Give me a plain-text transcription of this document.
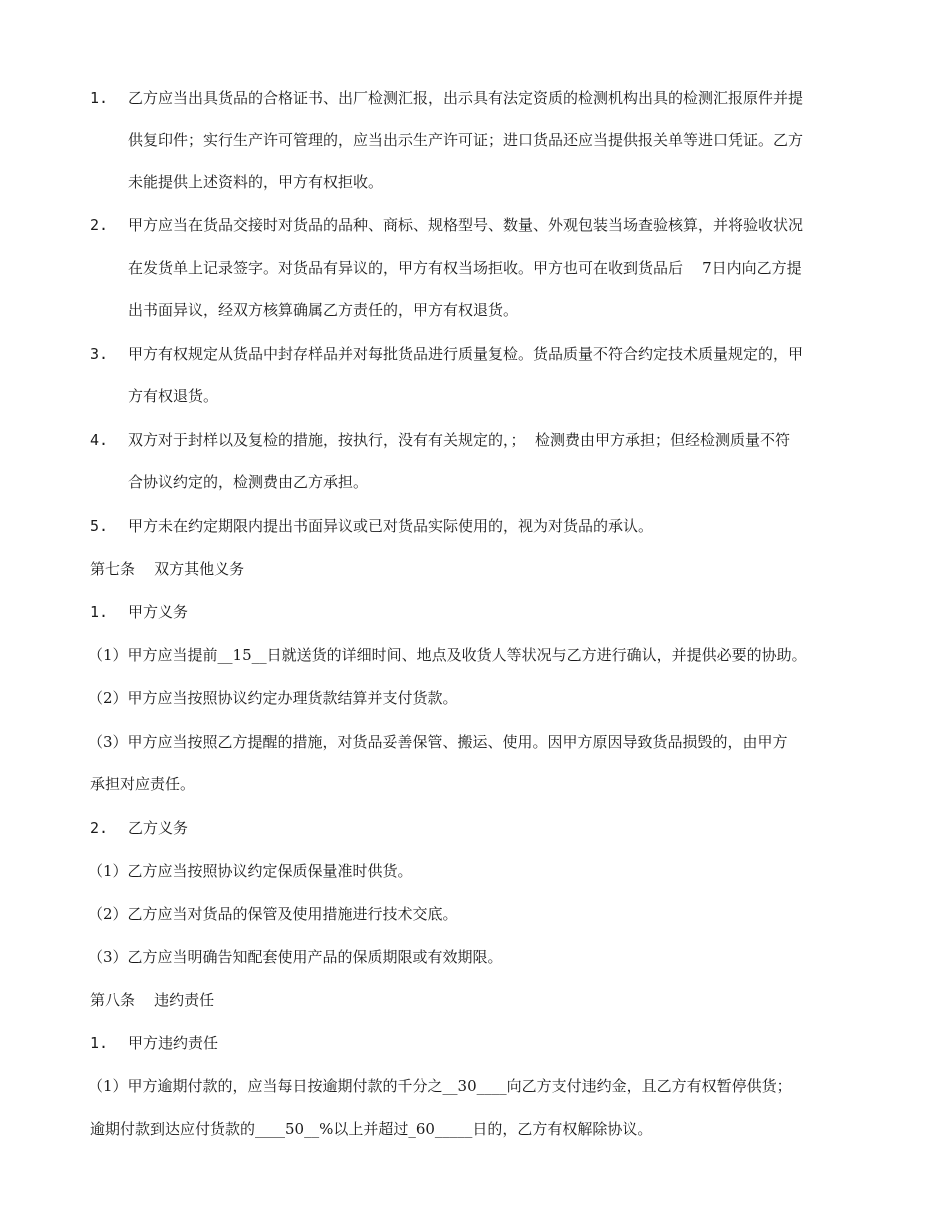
1.

乙方应当出具货品的合格证书、出厂检测汇报，出示具有法定资质的检测机构出具的检测汇报原件并提

供复印件；实行生产许可管理的，应当出示生产许可证；进口货品还应当提供报关单等进口凭证。乙方

未能提供上述资料的，甲方有权拒收。

2.

甲方应当在货品交接时对货品的品种、商标、规格型号、数量、外观包装当场查验核算，并将验收状况

在发货单上记录签字。对货品有异议的，甲方有权当场拒收。甲方也可在收到货品后    7日内向乙方提

出书面异议，经双方核算确属乙方责任的，甲方有权退货。

3.

甲方有权规定从货品中封存样品并对每批货品进行质量复检。货品质量不符合约定技术质量规定的，甲

方有权退货。

4.

双方对于封样以及复检的措施，按执行，没有有关规定的，；  检测费由甲方承担；但经检测质量不符

合协议约定的，检测费由乙方承担。

5.

甲方未在约定期限内提出书面异议或已对货品实际使用的，视为对货品的承认。

第七条    双方其他义务

1.

甲方义务

（1）甲方应当提前__15__日就送货的详细时间、地点及收货人等状况与乙方进行确认，并提供必要的协助。

（2）甲方应当按照协议约定办理货款结算并支付货款。

（3）甲方应当按照乙方提醒的措施，对货品妥善保管、搬运、使用。因甲方原因导致货品损毁的，由甲方

承担对应责任。

2.

乙方义务

（1）乙方应当按照协议约定保质保量准时供货。

（2）乙方应当对货品的保管及使用措施进行技术交底。

（3）乙方应当明确告知配套使用产品的保质期限或有效期限。

第八条    违约责任

1.

甲方违约责任

（1）甲方逾期付款的，应当每日按逾期付款的千分之__30____向乙方支付违约金，且乙方有权暂停供货；

逾期付款到达应付货款的____50__%以上并超过_60_____日的，乙方有权解除协议。
